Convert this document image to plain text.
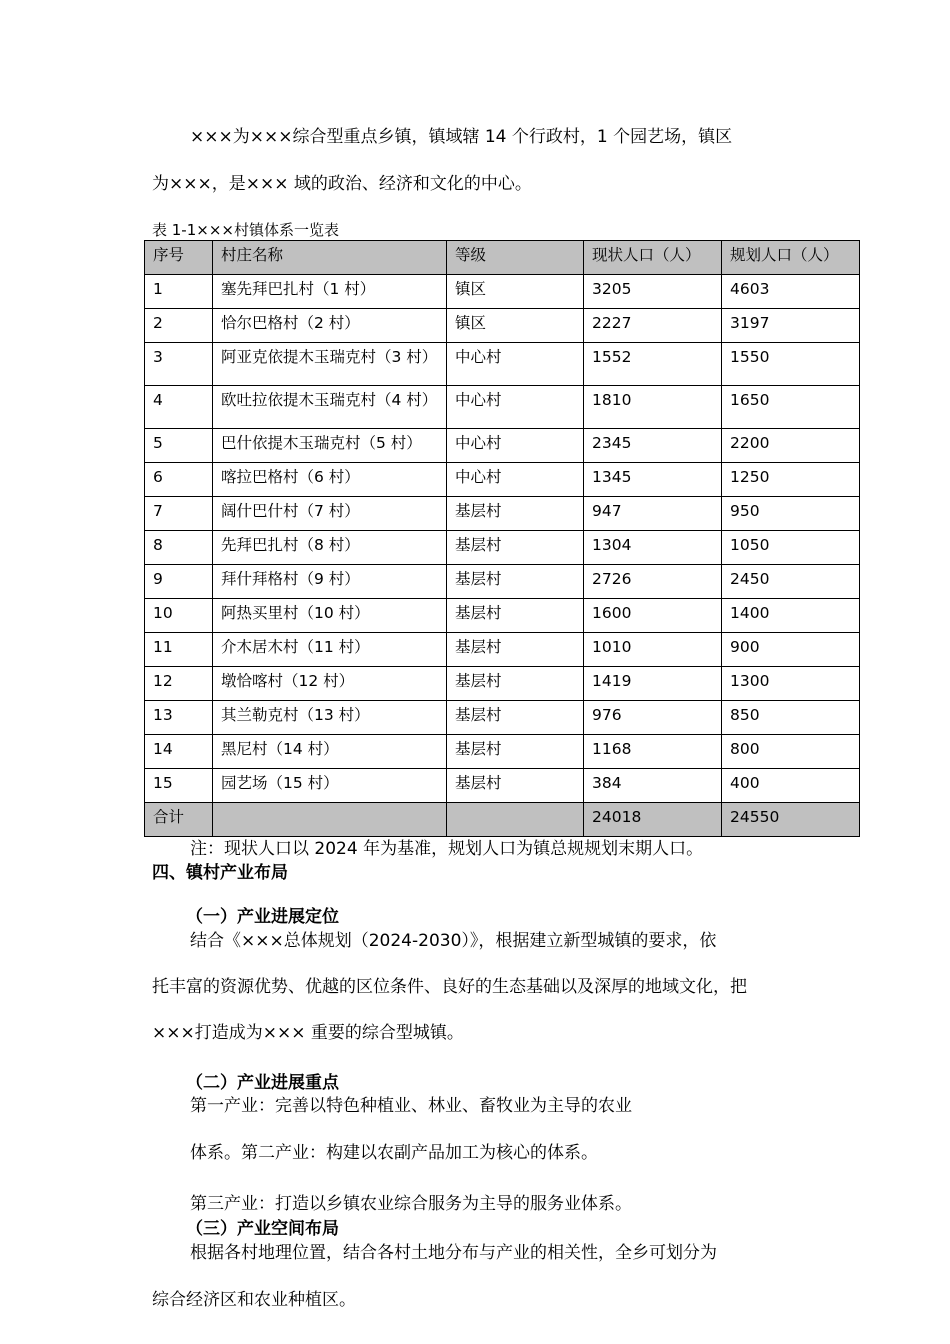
×××为×××综合型重点乡镇，镇域辖 14 个行政村，1 个园艺场，镇区
为×××，是××× 域的政治、经济和文化的中心。
表 1-1×××村镇体系一览表
序号	村庄名称	等级	现状人口（人）	规划人口（人）
1	塞先拜巴扎村（1 村）	镇区	3205	4603
2	恰尔巴格村（2 村）	镇区	2227	3197
3	阿亚克依提木玉瑞克村（3 村）	中心村	1552	1550
4	欧吐拉依提木玉瑞克村（4 村）	中心村	1810	1650
5	巴什依提木玉瑞克村（5 村）	中心村	2345	2200
6	喀拉巴格村（6 村）	中心村	1345	1250
7	阔什巴什村（7 村）	基层村	947	950
8	先拜巴扎村（8 村）	基层村	1304	1050
9	拜什拜格村（9 村）	基层村	2726	2450
10	阿热买里村（10 村）	基层村	1600	1400
11	介木居木村（11 村）	基层村	1010	900
12	墩恰喀村（12 村）	基层村	1419	1300
13	其兰勒克村（13 村）	基层村	976	850
14	黑尼村（14 村）	基层村	1168	800
15	园艺场（15 村）	基层村	384	400
合计			24018	24550
注：现状人口以 2024 年为基准，规划人口为镇总规规划末期人口。
四、镇村产业布局
（一）产业进展定位
结合《×××总体规划（2024-2030）》，根据建立新型城镇的要求，依
托丰富的资源优势、优越的区位条件、良好的生态基础以及深厚的地域文化，把
×××打造成为××× 重要的综合型城镇。
（二）产业进展重点
第一产业：完善以特色种植业、林业、畜牧业为主导的农业
体系。第二产业：构建以农副产品加工为核心的体系。
第三产业：打造以乡镇农业综合服务为主导的服务业体系。
（三）产业空间布局
根据各村地理位置，结合各村土地分布与产业的相关性，全乡可划分为
综合经济区和农业种植区。
